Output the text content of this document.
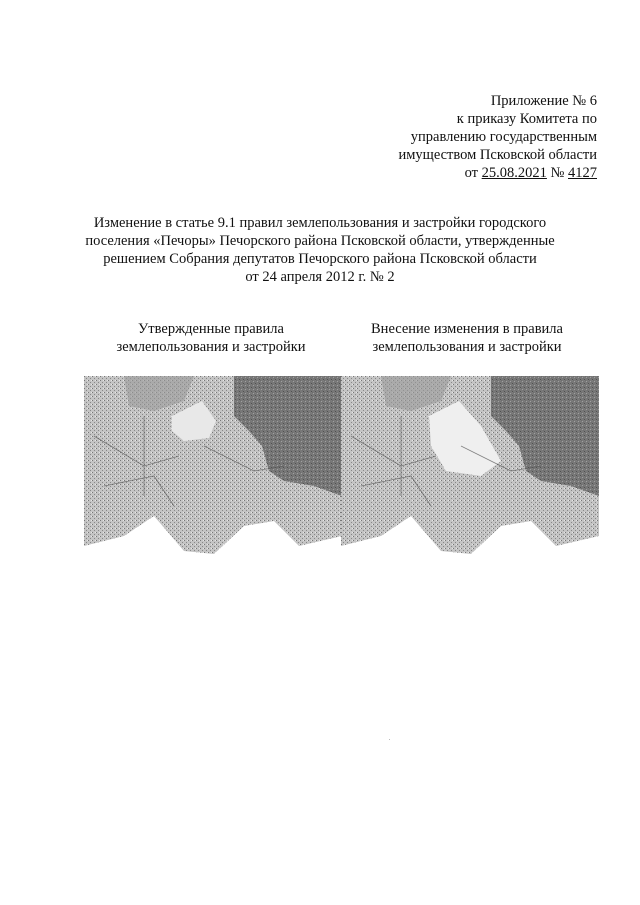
Приложение № 6
к приказу Комитета по
управлению государственным
имуществом Псковской области
от 25.08.2021 № 4127
Изменение в статье 9.1 правил землепользования и застройки городского
поселения «Печоры» Печорского района Псковской области, утвержденные
решением Собрания депутатов Печорского района Псковской области
от 24 апреля 2012 г. № 2
Утвержденные правила
землепользования и застройки
Внесение изменения в правила
землепользования и застройки
